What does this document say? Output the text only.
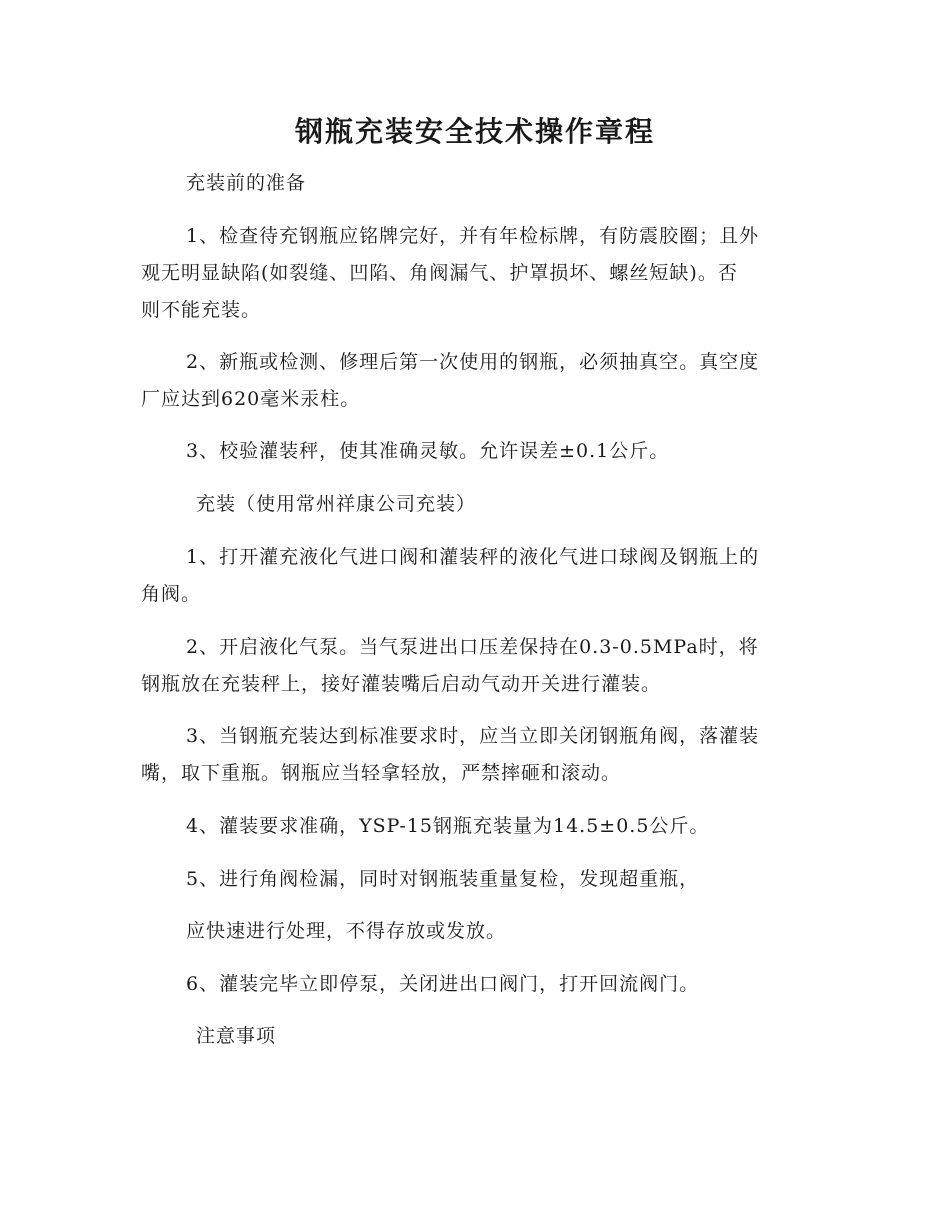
钢瓶充装安全技术操作章程
充装前的准备
1、检查待充钢瓶应铭牌完好，并有年检标牌，有防震胶圈；且外
观无明显缺陷(如裂缝、凹陷、角阀漏气、护罩损坏、螺丝短缺)。否
则不能充装。
2、新瓶或检测、修理后第一次使用的钢瓶，必须抽真空。真空度
厂应达到620毫米汞柱。
3、校验灌装秤，使其准确灵敏。允许误差±0.1公斤。
充装（使用常州祥康公司充装）
1、打开灌充液化气进口阀和灌装秤的液化气进口球阀及钢瓶上的
角阀。
2、开启液化气泵。当气泵进出口压差保持在0.3-0.5MPa时，将
钢瓶放在充装秤上，接好灌装嘴后启动气动开关进行灌装。
3、当钢瓶充装达到标准要求时，应当立即关闭钢瓶角阀，落灌装
嘴，取下重瓶。钢瓶应当轻拿轻放，严禁摔砸和滚动。
4、灌装要求准确，YSP-15钢瓶充装量为14.5±0.5公斤。
5、进行角阀检漏，同时对钢瓶装重量复检，发现超重瓶，
应快速进行处理，不得存放或发放。
6、灌装完毕立即停泵，关闭进出口阀门，打开回流阀门。
注意事项
